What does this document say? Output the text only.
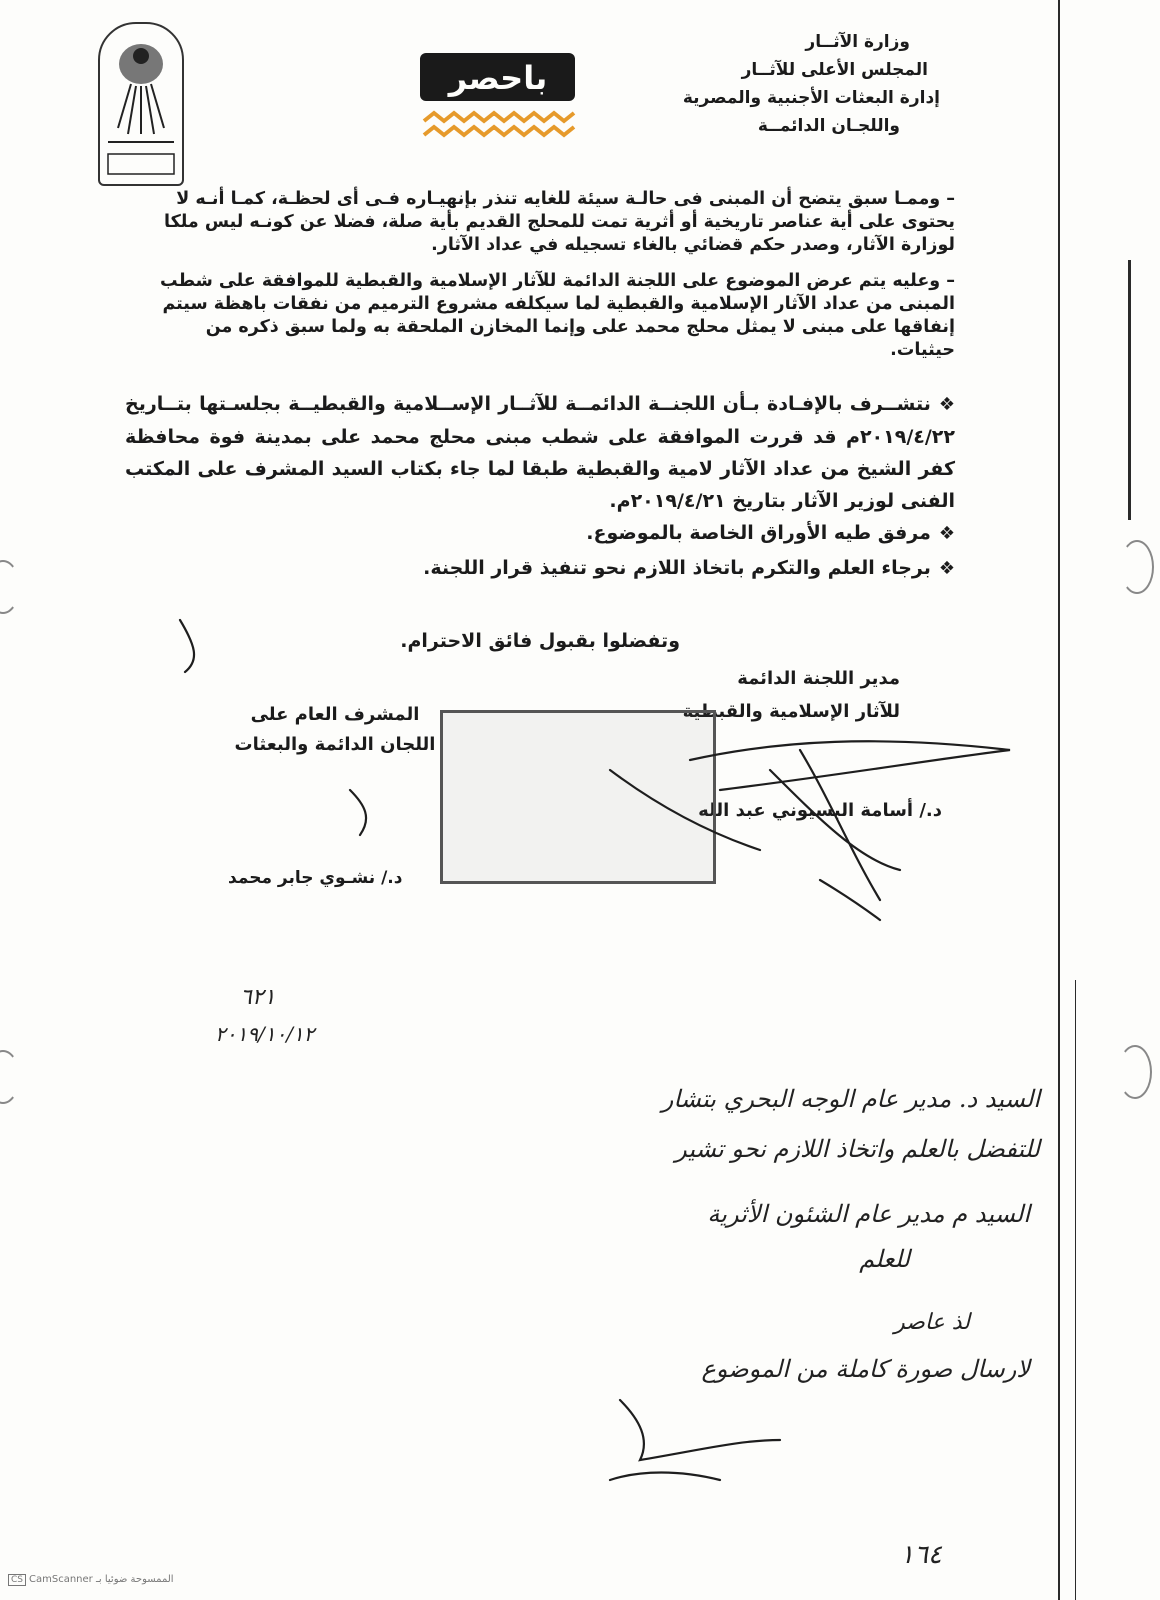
باحصر
وزارة الآثــار
المجلس الأعلى للآثــار
إدارة البعثات الأجنبية والمصرية
واللجـان الدائمــة
– وممـا سبق يتضح أن المبنى فى حالـة سيئة للغايه تنذر بإنهيـاره فـى أى لحظـة، كمـا أنـه لا يحتوى على أية عناصر تاريخية أو أثرية تمت للمحلج القديم بأية صلة، فضلا عن كونـه ليس ملكا لوزارة الآثار، وصدر حكم قضائي بالغاء تسجيله في عداد الآثار.
– وعليه يتم عرض الموضوع على اللجنة الدائمة للآثار الإسلامية والقبطية للموافقة على شطب المبنى من عداد الآثار الإسلامية والقبطية لما سيكلفه مشروع الترميم من نفقات باهظة سيتم إنفاقها على مبنى لا يمثل محلج محمد على وإنما المخازن الملحقة به ولما سبق ذكره من حيثيات.
❖نتشــرف بالإفـادة بـأن اللجنــة الدائمــة للآثــار الإســلامية والقبطيــة بجلسـتها بتــاريخ ٢٠١٩/٤/٢٢م قد قررت الموافقة على شطب مبنى محلج محمد على بمدينة فوة محافظة كفر الشيخ من عداد الآثار لامية والقبطية طبقا لما جاء بكتاب السيد المشرف على المكتب الفنى لوزير الآثار بتاريخ ٢٠١٩/٤/٢١م.
❖مرفق طيه الأوراق الخاصة بالموضوع.
❖برجاء العلم والتكرم باتخاذ اللازم نحو تنفيذ قرار اللجنة.
وتفضلوا بقبول فائق الاحترام.
مدير اللجنة الدائمة
للآثار الإسلامية والقبطية
د./ أسامة البسيوني عبد الله
المشرف العام على
اللجان الدائمة والبعثات
د./ نشـوي جابر محمد
٦٢١
٢٠١٩/١٠/١٢
السيد د. مدير عام الوجه البحري بتشار
للتفضل بالعلم واتخاذ اللازم نحو تشير
السيد م مدير عام الشئون الأثرية
للعلم
لذ عاصر
لارسال صورة كاملة من الموضوع
١٦٤
CS CamScanner الممسوحة ضوئيا بـ
